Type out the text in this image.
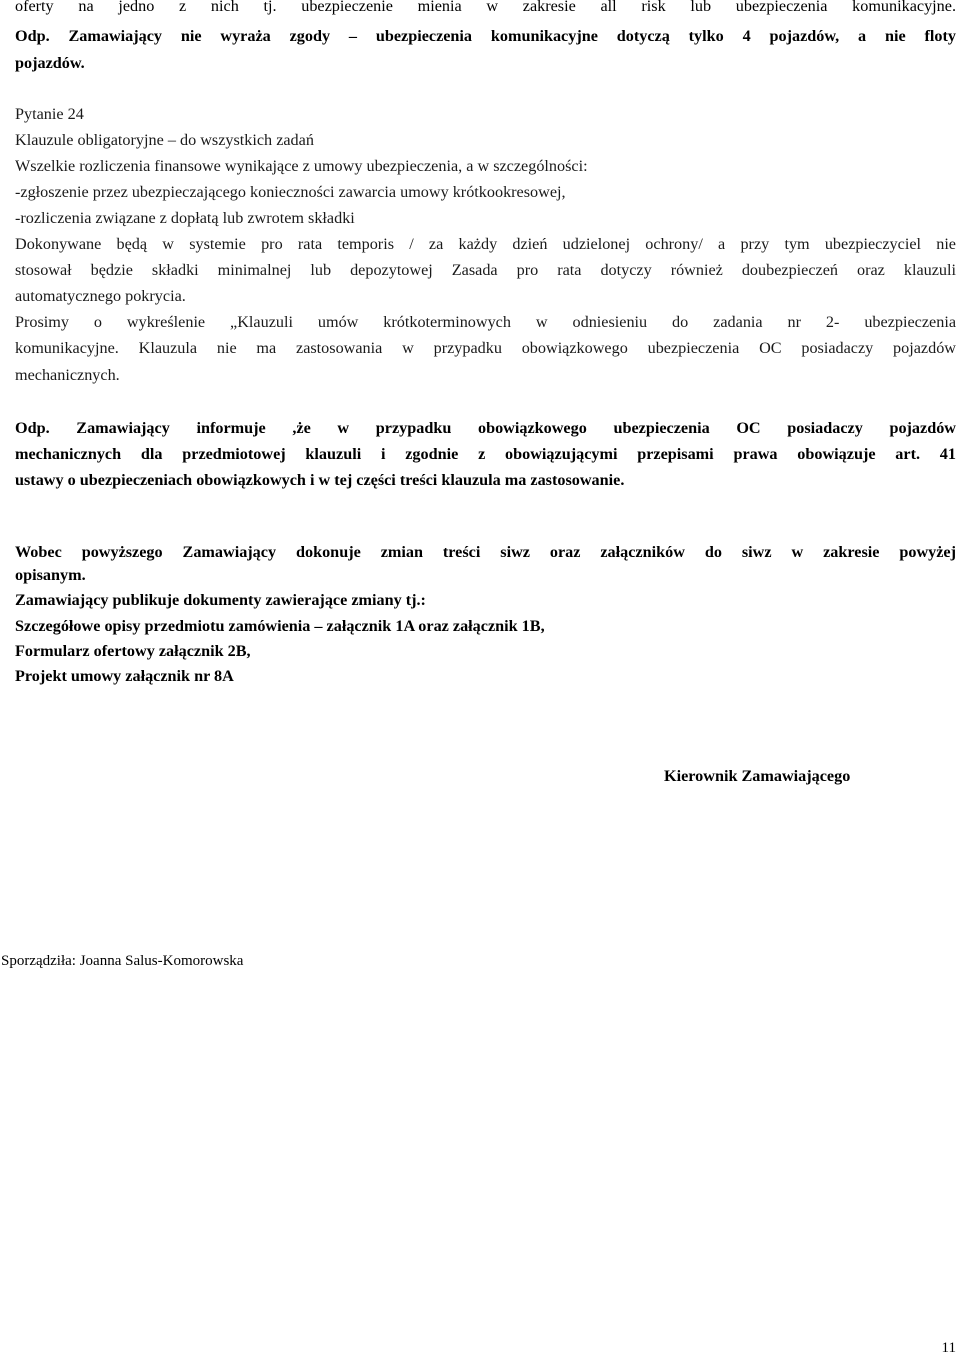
oferty na jedno z nich tj. ubezpieczenie mienia w zakresie all risk lub ubezpieczenia komunikacyjne.

Odp. Zamawiający nie wyraża zgody – ubezpieczenia komunikacyjne dotyczą tylko 4 pojazdów, a nie floty

pojazdów.

Pytanie 24

Klauzule obligatoryjne – do wszystkich zadań

Wszelkie rozliczenia finansowe wynikające z umowy ubezpieczenia, a w szczególności:

-zgłoszenie przez ubezpieczającego konieczności zawarcia umowy krótkookresowej,

-rozliczenia związane z dopłatą lub zwrotem składki

Dokonywane będą w systemie pro rata temporis / za każdy dzień udzielonej ochrony/ a przy tym ubezpieczyciel nie

stosował będzie składki minimalnej lub depozytowej Zasada pro rata dotyczy również doubezpieczeń oraz klauzuli

automatycznego pokrycia.

Prosimy o wykreślenie „Klauzuli umów krótkoterminowych w odniesieniu do zadania nr 2- ubezpieczenia

komunikacyjne. Klauzula nie ma zastosowania w przypadku obowiązkowego ubezpieczenia OC posiadaczy pojazdów

mechanicznych.

Odp. Zamawiający informuje ,że w przypadku obowiązkowego ubezpieczenia OC posiadaczy pojazdów

mechanicznych dla przedmiotowej klauzuli i zgodnie z obowiązującymi przepisami prawa obowiązuje art. 41

ustawy o ubezpieczeniach obowiązkowych i w tej części treści klauzula ma zastosowanie.

Wobec powyższego Zamawiający dokonuje zmian treści siwz oraz załączników do siwz w zakresie powyżej

opisanym.

Zamawiający publikuje dokumenty zawierające zmiany tj.:

Szczegółowe opisy przedmiotu zamówienia – załącznik 1A oraz załącznik 1B,

Formularz ofertowy załącznik 2B,

Projekt umowy załącznik nr 8A

Kierownik Zamawiającego
Sporządziła: Joanna Salus-Komorowska
11
